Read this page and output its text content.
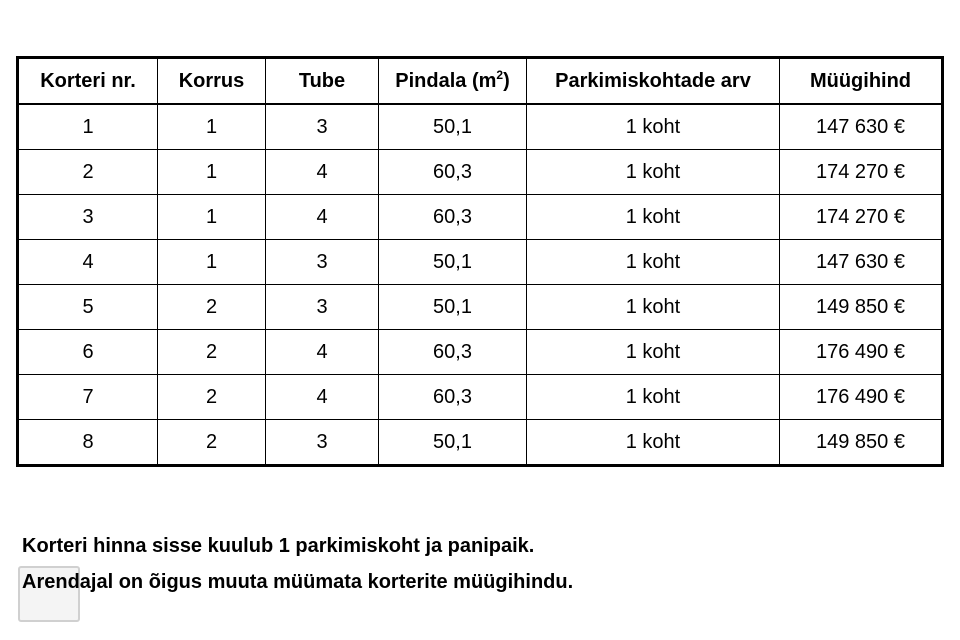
Korteri nr.	Korrus	Tube	Pindala $(m^2)$	Parkimiskohtade arv	Müügihind
1	1	3	50,1	1 koht	147 630 €
2	1	4	60,3	1 koht	174 270 €
3	1	4	60,3	1 koht	174 270 €
4	1	3	50,1	1 koht	147 630 €
5	2	3	50,1	1 koht	149 850 €
6	2	4	60,3	1 koht	176 490 €
7	2	4	60,3	1 koht	176 490 €
8	2	3	50,1	1 koht	149 850 €

Korteri hinna sisse kuulub 1 parkimiskoht ja panipaik.

Arendajal on õigus muuta müümata korterite müügihindu.
